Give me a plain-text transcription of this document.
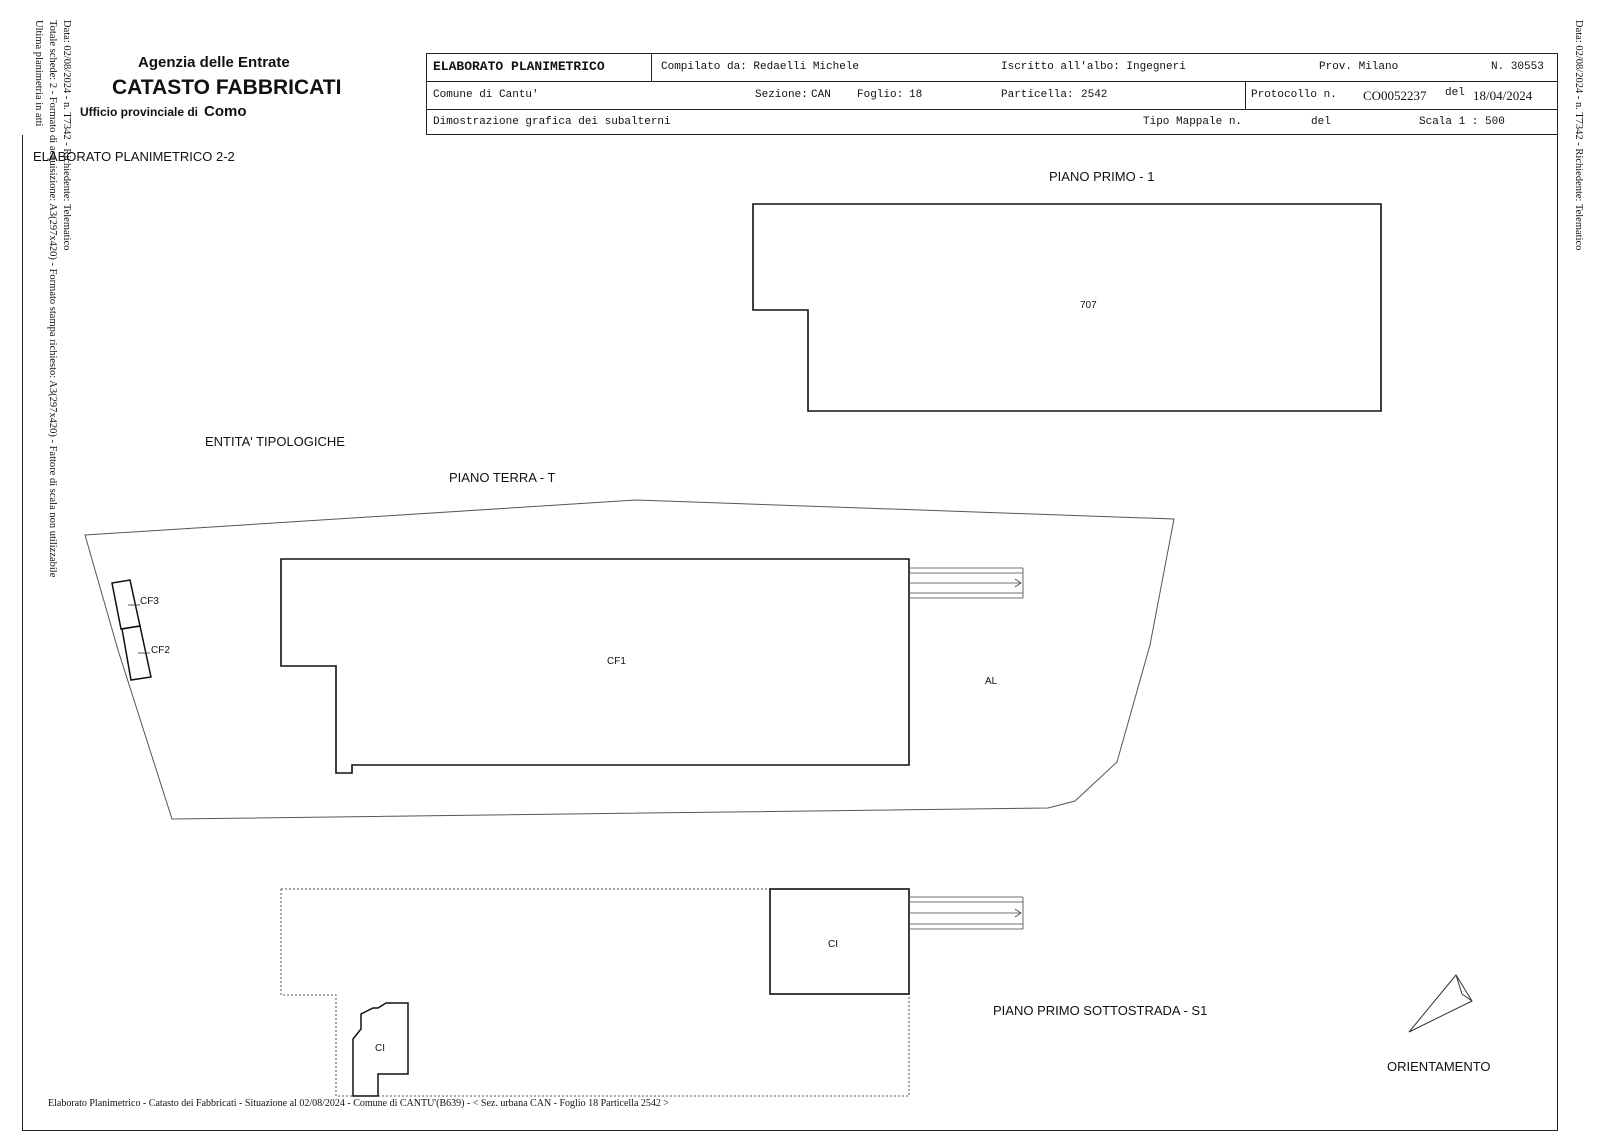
Data: 02/08/2024 - n. T7342 - Richiedente: Telematico
Totale schede: 2 - Formato di acquisizione: A3(297x420) - Formato stampa richiesto: A3(297x420) - Fattore di scala non utilizzabile
Ultima planimetria in atti	Data: 02/08/2024 - n. T7342 - Richiedente: Telematico
Agenzia delle Entrate
CATASTO FABBRICATI
Ufficio provinciale di Como
ELABORATO PLANIMETRICO	Compilato da: Redaelli Michele	Iscritto all'albo: Ingegneri	Prov. Milano	N. 30553
Comune di Cantu'	Sezione: CAN Foglio: 18	Particella: 2542	Protocollo n. CO0052237 del 18/04/2024
Dimostrazione grafica dei subalterni	Tipo Mappale n.	del	Scala 1 : 500
ELABORATO PLANIMETRICO 2-2
PIANO PRIMO - 1
707
ENTITA' TIPOLOGICHE
PIANO TERRA - T
CF1
CF3
CF2
AL
CI
CI
PIANO PRIMO SOTTOSTRADA - S1
ORIENTAMENTO
Elaborato Planimetrico - Catasto dei Fabbricati - Situazione al 02/08/2024 - Comune di CANTU'(B639) - < Sez. urbana CAN - Foglio 18 Particella 2542 >
